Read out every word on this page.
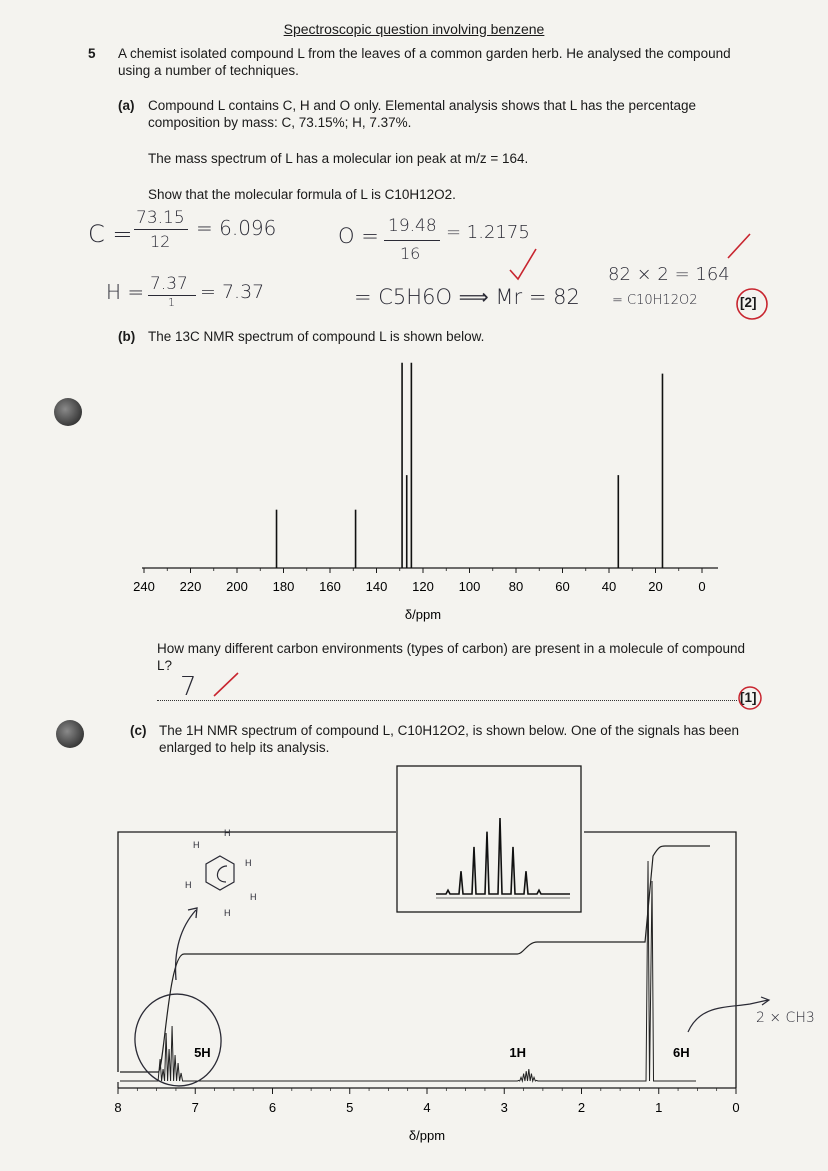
Spectroscopic question involving benzene
5 A chemist isolated compound L from the leaves of a common garden herb. He analysed the compound using a number of techniques.
(a) Compound L contains C, H and O only. Elemental analysis shows that L has the percentage composition by mass: C, 73.15%; H, 7.37%.
The mass spectrum of L has a molecular ion peak at m/z = 164.
Show that the molecular formula of L is C10H12O2.
C =
73.15
12
= 6.096	O = 19.48
16
= 1.2175
H = 7.37
1 = 7.37	= C5H6O ⟹ Mr = 82
82 × 2 = 164
= C10H12O2	[2]
(b) The 13C NMR spectrum of compound L is shown below.
240 220 200 180 160 140 120 100 80 60 40 20	0
δ/ppm
How many different carbon environments (types of carbon) are present in a molecule of compound L?
7	[1]
(c) The 1H NMR spectrum of compound L, C10H12O2, is shown below. One of the signals has been enlarged to help its analysis.
8	7	6	5	4	3	2	1	0
δ/ppm
5H	1H	6H
H
H
H
H
H
H
2 × CH3
